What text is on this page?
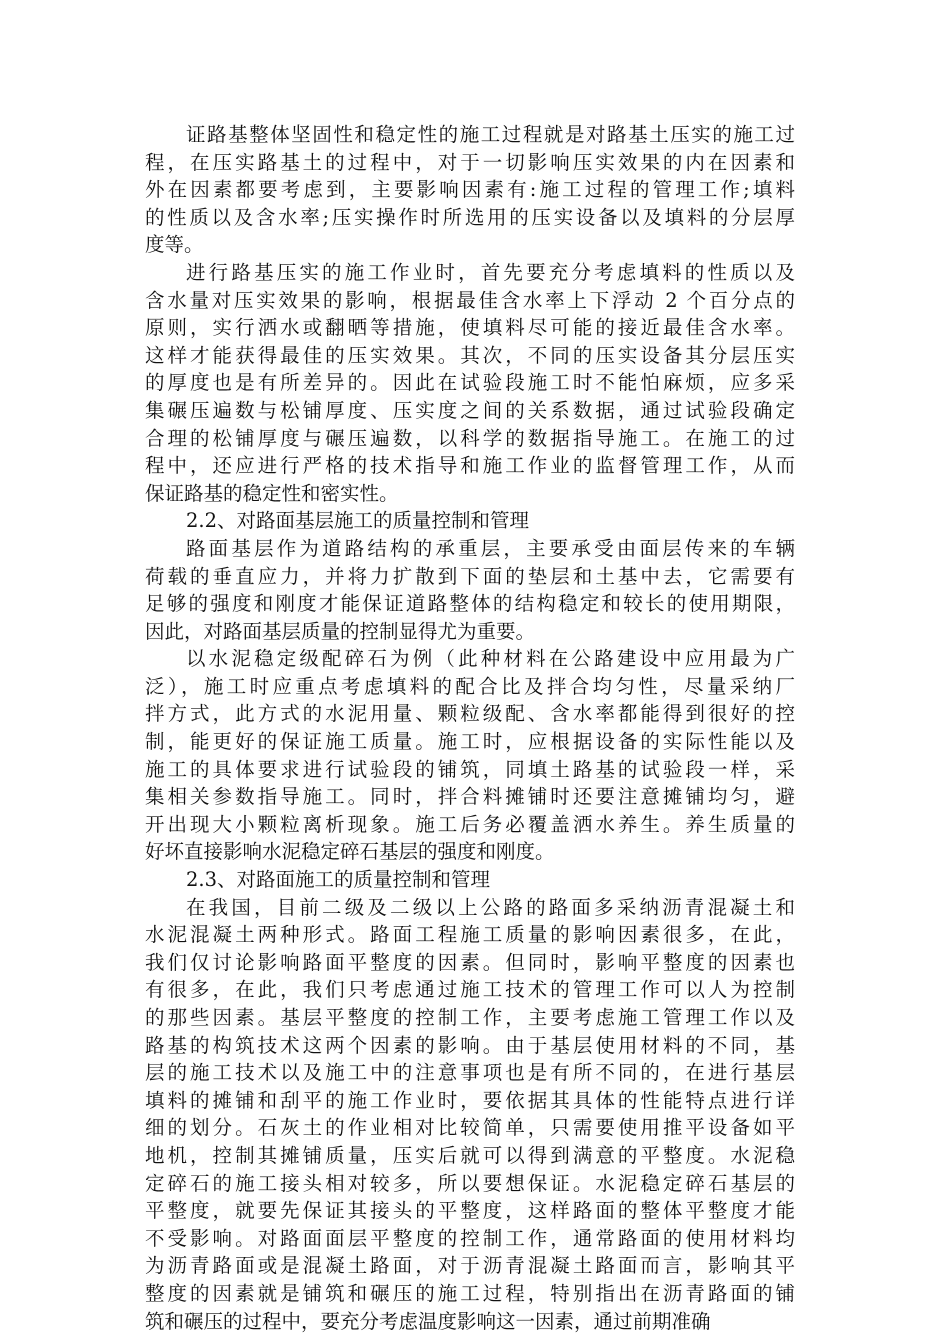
证路基整体坚固性和稳定性的施工过程就是对路基土压实的施工过
程，在压实路基土的过程中，对于一切影响压实效果的内在因素和
外在因素都要考虑到，主要影响因素有:施工过程的管理工作;填料
的性质以及含水率;压实操作时所选用的压实设备以及填料的分层厚
度等。
进行路基压实的施工作业时，首先要充分考虑填料的性质以及
含水量对压实效果的影响，根据最佳含水率上下浮动 2 个百分点的
原则，实行洒水或翻晒等措施，使填料尽可能的接近最佳含水率。
这样才能获得最佳的压实效果。其次，不同的压实设备其分层压实
的厚度也是有所差异的。因此在试验段施工时不能怕麻烦，应多采
集碾压遍数与松铺厚度、压实度之间的关系数据，通过试验段确定
合理的松铺厚度与碾压遍数，以科学的数据指导施工。在施工的过
程中，还应进行严格的技术指导和施工作业的监督管理工作，从而
保证路基的稳定性和密实性。
2.2、对路面基层施工的质量控制和管理
路面基层作为道路结构的承重层，主要承受由面层传来的车辆
荷载的垂直应力，并将力扩散到下面的垫层和土基中去，它需要有
足够的强度和刚度才能保证道路整体的结构稳定和较长的使用期限，
因此，对路面基层质量的控制显得尤为重要。
以水泥稳定级配碎石为例（此种材料在公路建设中应用最为广
泛），施工时应重点考虑填料的配合比及拌合均匀性，尽量采纳厂
拌方式，此方式的水泥用量、颗粒级配、含水率都能得到很好的控
制，能更好的保证施工质量。施工时，应根据设备的实际性能以及
施工的具体要求进行试验段的铺筑，同填土路基的试验段一样，采
集相关参数指导施工。同时，拌合料摊铺时还要注意摊铺均匀，避
开出现大小颗粒离析现象。施工后务必覆盖洒水养生。养生质量的
好坏直接影响水泥稳定碎石基层的强度和刚度。
2.3、对路面施工的质量控制和管理
在我国，目前二级及二级以上公路的路面多采纳沥青混凝土和
水泥混凝土两种形式。路面工程施工质量的影响因素很多，在此，
我们仅讨论影响路面平整度的因素。但同时，影响平整度的因素也
有很多，在此，我们只考虑通过施工技术的管理工作可以人为控制
的那些因素。基层平整度的控制工作，主要考虑施工管理工作以及
路基的构筑技术这两个因素的影响。由于基层使用材料的不同，基
层的施工技术以及施工中的注意事项也是有所不同的，在进行基层
填料的摊铺和刮平的施工作业时，要依据其具体的性能特点进行详
细的划分。石灰土的作业相对比较简单，只需要使用推平设备如平
地机，控制其摊铺质量，压实后就可以得到满意的平整度。水泥稳
定碎石的施工接头相对较多，所以要想保证。水泥稳定碎石基层的
平整度，就要先保证其接头的平整度，这样路面的整体平整度才能
不受影响。对路面面层平整度的控制工作，通常路面的使用材料均
为沥青路面或是混凝土路面，对于沥青混凝土路面而言，影响其平
整度的因素就是铺筑和碾压的施工过程，特别指出在沥青路面的铺
筑和碾压的过程中，要充分考虑温度影响这一因素，通过前期准确
